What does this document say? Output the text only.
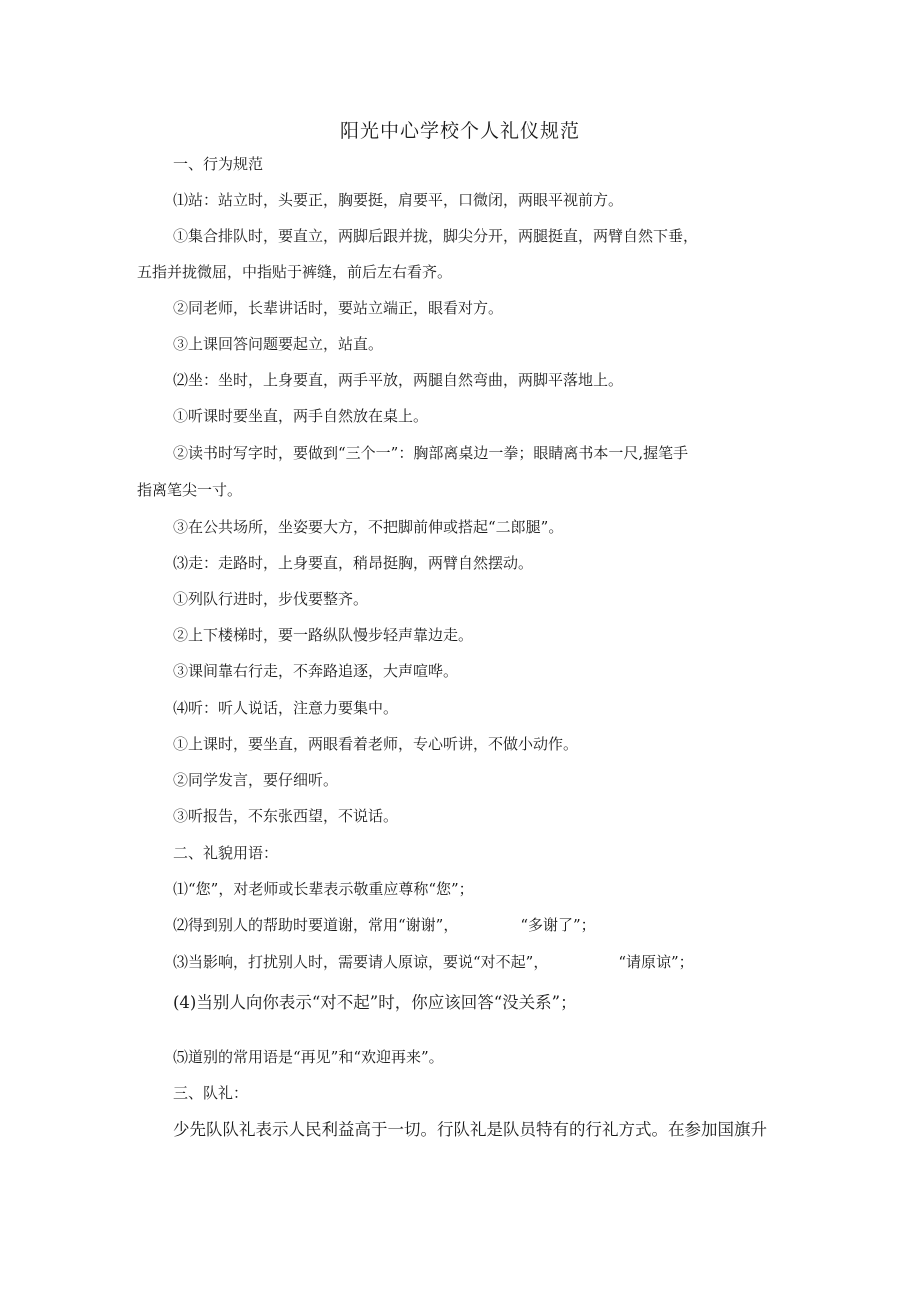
阳光中心学校个人礼仪规范
一、行为规范
⑴站：站立时，头要正，胸要挺，肩要平，口微闭，两眼平视前方。
①集合排队时，要直立，两脚后跟并拢，脚尖分开，两腿挺直，两臂自然下垂，
五指并拢微屈，中指贴于裤缝，前后左右看齐。
②同老师，长辈讲话时，要站立端正，眼看对方。
③上课回答问题要起立，站直。
⑵坐：坐时，上身要直，两手平放，两腿自然弯曲，两脚平落地上。
①听课时要坐直，两手自然放在桌上。
②读书时写字时，要做到“三个一”：胸部离桌边一拳；眼睛离书本一尺,握笔手
指离笔尖一寸。
③在公共场所，坐姿要大方，不把脚前伸或搭起“二郎腿”。
⑶走：走路时，上身要直，稍昂挺胸，两臂自然摆动。
①列队行进时，步伐要整齐。
②上下楼梯时，要一路纵队慢步轻声靠边走。
③课间靠右行走，不奔路追逐，大声喧哗。
⑷听：听人说话，注意力要集中。
①上课时，要坐直，两眼看着老师，专心听讲，不做小动作。
②同学发言，要仔细听。
③听报告，不东张西望，不说话。
二、礼貌用语：
⑴“您”，对老师或长辈表示敬重应尊称“您”；
⑵得到别人的帮助时要道谢，常用“谢谢”，	“多谢了”；
⑶当影响，打扰别人时，需要请人原谅，要说“对不起”，	“请原谅”；
(4)当别人向你表示“对不起”时，你应该回答“没关系”；
⑸道别的常用语是“再见”和“欢迎再来”。
三、队礼：
少先队队礼表示人民利益高于一切。行队礼是队员特有的行礼方式。在参加国旗升
